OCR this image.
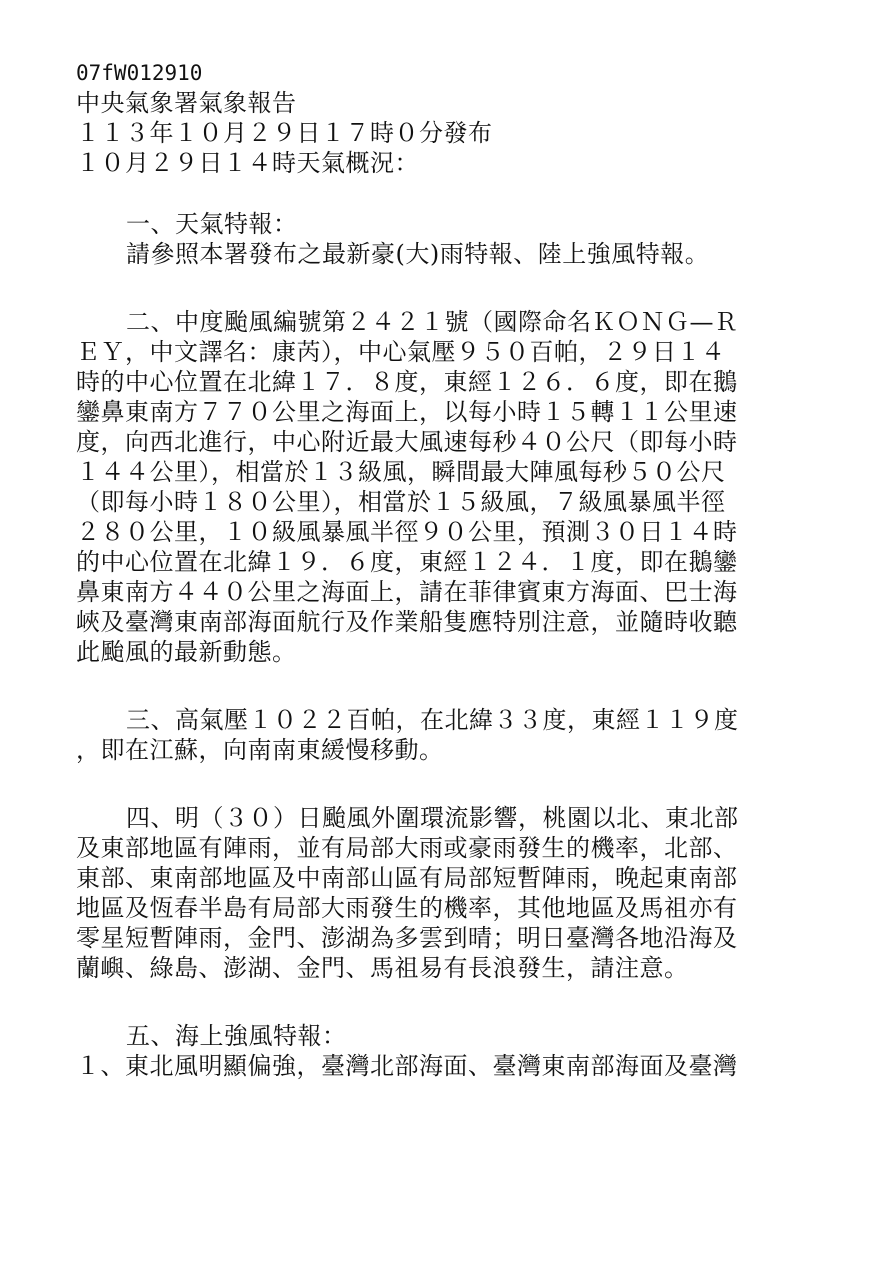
07fW012910
中央氣象署氣象報告
１１３年１０月２９日１７時０分發布
１０月２９日１４時天氣概況：
一、天氣特報：
請參照本署發布之最新豪(大)雨特報、陸上強風特報。
二、中度颱風編號第２４２１號（國際命名ＫＯＮＧ—Ｒ
ＥＹ，中文譯名：康芮），中心氣壓９５０百帕，２９日１４
時的中心位置在北緯１７．８度，東經１２６．６度，即在鵝
鑾鼻東南方７７０公里之海面上，以每小時１５轉１１公里速
度，向西北進行，中心附近最大風速每秒４０公尺（即每小時
１４４公里），相當於１３級風，瞬間最大陣風每秒５０公尺
（即每小時１８０公里），相當於１５級風，７級風暴風半徑
２８０公里，１０級風暴風半徑９０公里，預測３０日１４時
的中心位置在北緯１９．６度，東經１２４．１度，即在鵝鑾
鼻東南方４４０公里之海面上，請在菲律賓東方海面、巴士海
峽及臺灣東南部海面航行及作業船隻應特別注意，並隨時收聽
此颱風的最新動態。
三、高氣壓１０２２百帕，在北緯３３度，東經１１９度
，即在江蘇，向南南東緩慢移動。
四、明（３０）日颱風外圍環流影響，桃園以北、東北部
及東部地區有陣雨，並有局部大雨或豪雨發生的機率，北部、
東部、東南部地區及中南部山區有局部短暫陣雨，晚起東南部
地區及恆春半島有局部大雨發生的機率，其他地區及馬祖亦有
零星短暫陣雨，金門、澎湖為多雲到晴；明日臺灣各地沿海及
蘭嶼、綠島、澎湖、金門、馬祖易有長浪發生，請注意。
五、海上強風特報：
１、東北風明顯偏強，臺灣北部海面、臺灣東南部海面及臺灣
